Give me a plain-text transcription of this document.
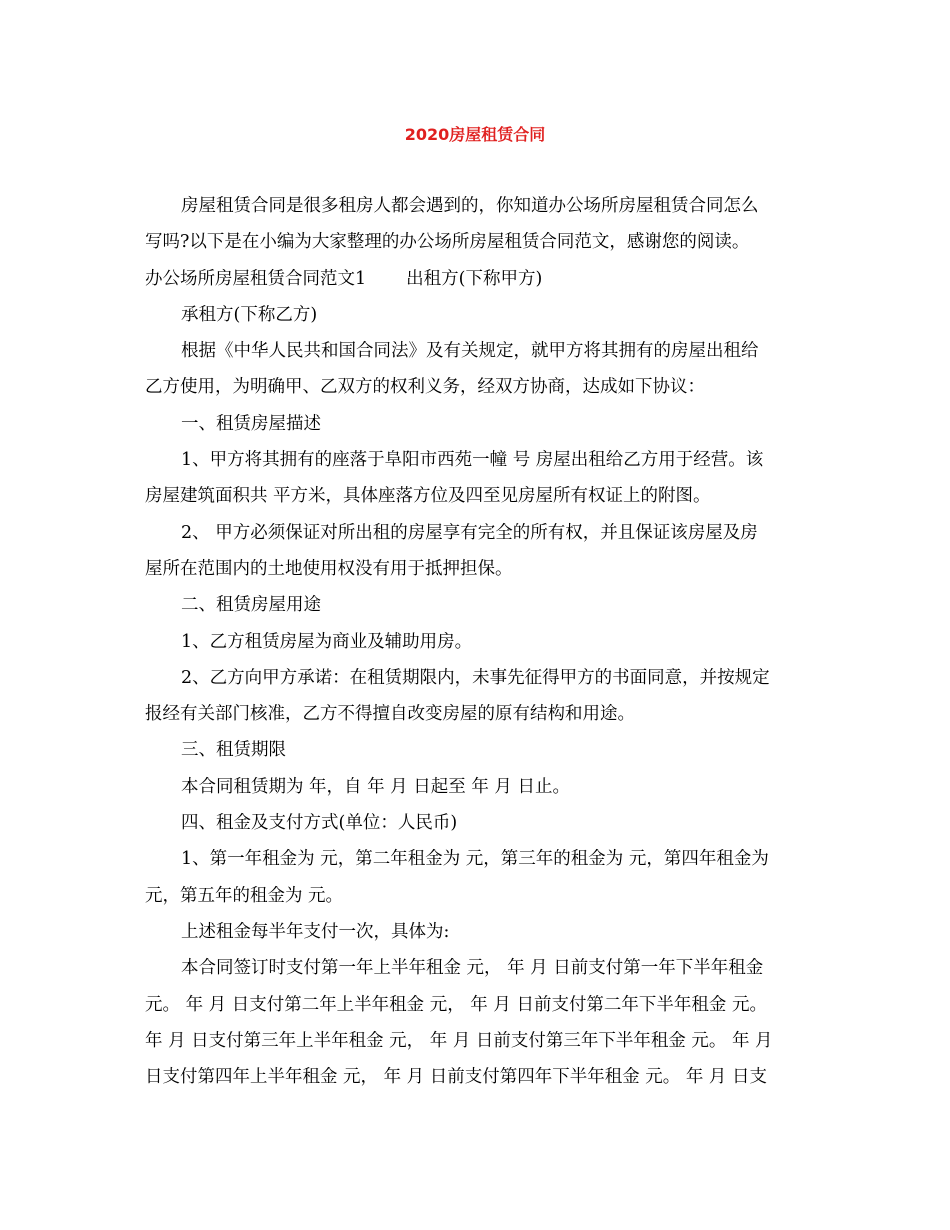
2020房屋租赁合同

房屋租赁合同是很多租房人都会遇到的，你知道办公场所房屋租赁合同怎么
写吗?以下是在小编为大家整理的办公场所房屋租赁合同范文，感谢您的阅读。

办公场所房屋租赁合同范文1 出租方(下称甲方)

承租方(下称乙方)

根据《中华人民共和国合同法》及有关规定，就甲方将其拥有的房屋出租给
乙方使用，为明确甲、乙双方的权利义务，经双方协商，达成如下协议：

一、租赁房屋描述

1、甲方将其拥有的座落于阜阳市西苑一幢 号 房屋出租给乙方用于经营。该
房屋建筑面积共 平方米，具体座落方位及四至见房屋所有权证上的附图。

2、 甲方必须保证对所出租的房屋享有完全的所有权，并且保证该房屋及房
屋所在范围内的土地使用权没有用于抵押担保。

二、租赁房屋用途

1、乙方租赁房屋为商业及辅助用房。

2、乙方向甲方承诺：在租赁期限内，未事先征得甲方的书面同意，并按规定
报经有关部门核准，乙方不得擅自改变房屋的原有结构和用途。

三、租赁期限

本合同租赁期为 年，自 年 月 日起至 年 月 日止。

四、租金及支付方式(单位：人民币)

1、第一年租金为 元，第二年租金为 元，第三年的租金为 元，第四年租金为
元，第五年的租金为 元。

上述租金每半年支付一次，具体为:

本合同签订时支付第一年上半年租金 元， 年 月 日前支付第一年下半年租金
元。 年 月 日支付第二年上半年租金 元， 年 月 日前支付第二年下半年租金 元。
年 月 日支付第三年上半年租金 元， 年 月 日前支付第三年下半年租金 元。 年 月
日支付第四年上半年租金 元， 年 月 日前支付第四年下半年租金 元。 年 月 日支
